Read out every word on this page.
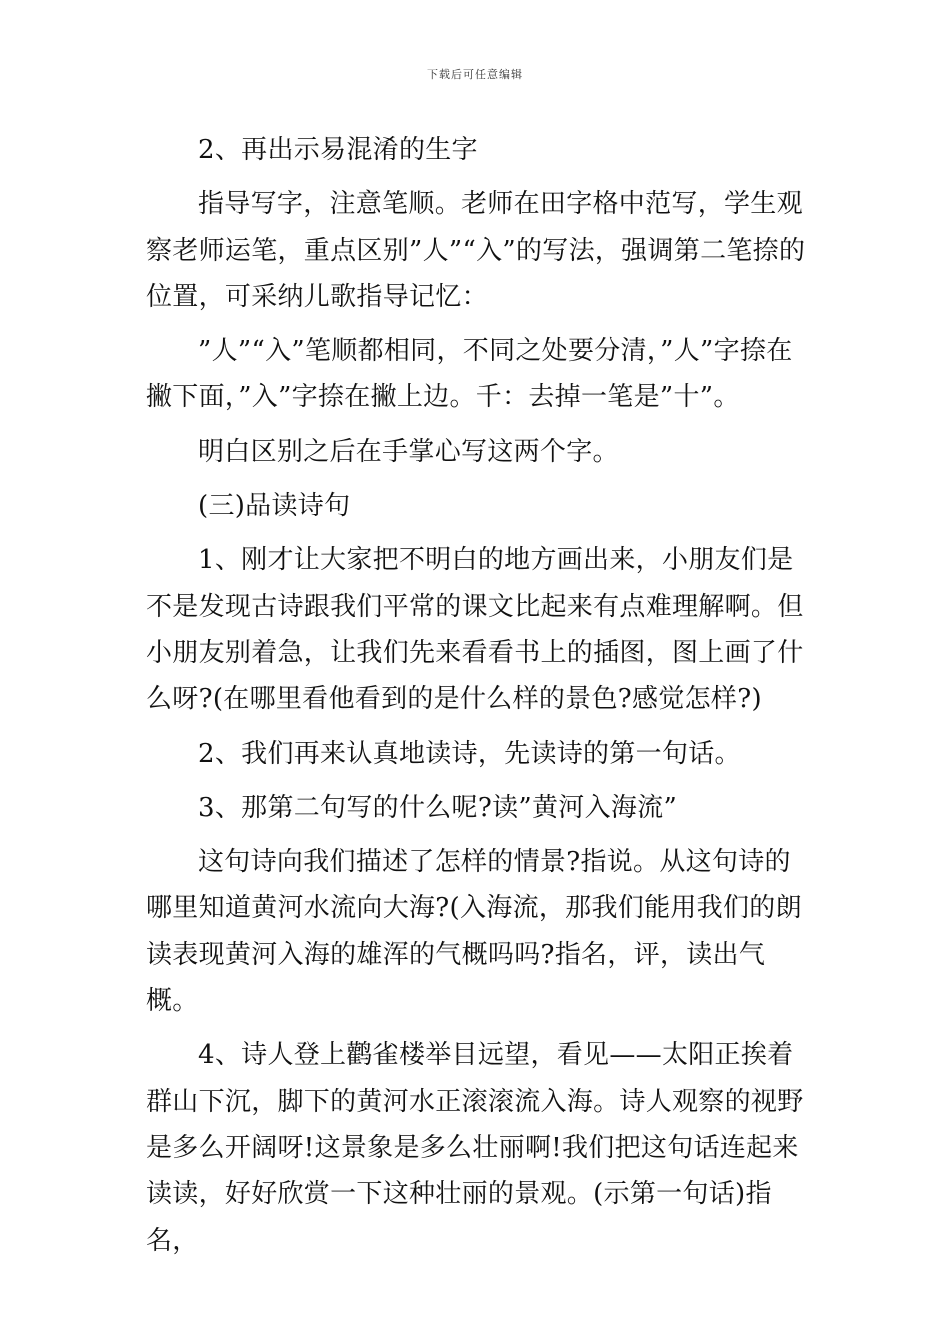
下载后可任意编辑

2、再出示易混淆的生字

指导写字，注意笔顺。老师在田字格中范写，学生观察老师运笔，重点区别”人”“入”的写法，强调第二笔捺的位置，可采纳儿歌指导记忆：

”人”“入”笔顺都相同，不同之处要分清，”人”字捺在撇下面，”入”字捺在撇上边。千：去掉一笔是”十”。

明白区别之后在手掌心写这两个字。

(三)品读诗句

1、刚才让大家把不明白的地方画出来，小朋友们是不是发现古诗跟我们平常的课文比起来有点难理解啊。但小朋友别着急，让我们先来看看书上的插图，图上画了什么呀?(在哪里看他看到的是什么样的景色?感觉怎样?)

2、我们再来认真地读诗，先读诗的第一句话。

3、那第二句写的什么呢?读”黄河入海流”

这句诗向我们描述了怎样的情景?指说。从这句诗的哪里知道黄河水流向大海?(入海流，那我们能用我们的朗读表现黄河入海的雄浑的气概吗吗?指名，评，读出气概。

4、诗人登上鹳雀楼举目远望，看见——太阳正挨着群山下沉，脚下的黄河水正滚滚流入海。诗人观察的视野是多么开阔呀!这景象是多么壮丽啊!我们把这句话连起来读读，好好欣赏一下这种壮丽的景观。(示第一句话)指名，
